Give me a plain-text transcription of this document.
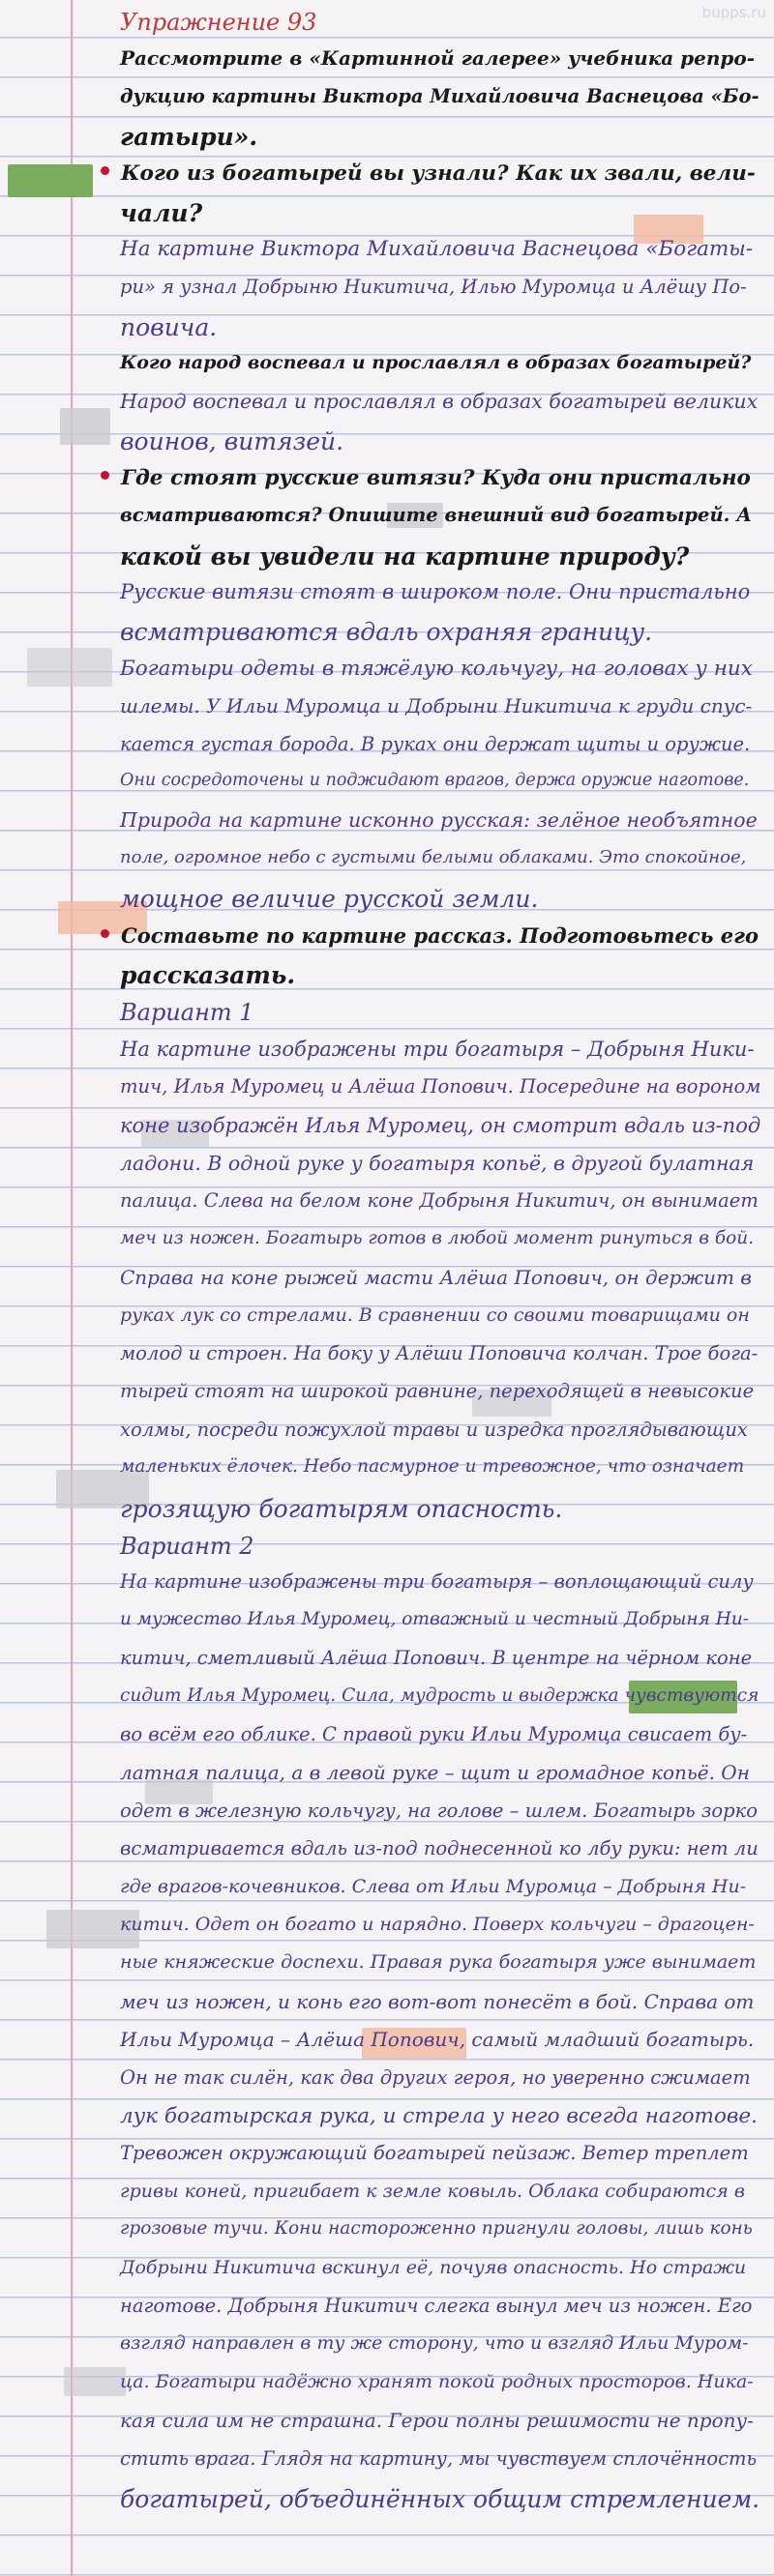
bupps.ru
Упражнение 93
Рассмотрите в «Картинной галерее» учебника репро-
дукцию картины Виктора Михайловича Васнецова «Бо-
гатыри».
Кого из богатырей вы узнали? Как их звали, вели-
чали?
На картине Виктора Михайловича Васнецова «Богаты-
ри» я узнал Добрыню Никитича, Илью Муромца и Алёшу По-
повича.
Кого народ воспевал и прославлял в образах богатырей?
Народ воспевал и прославлял в образах богатырей великих
воинов, витязей.
Где стоят русские витязи? Куда они пристально
всматриваются? Опишите внешний вид богатырей. А
какой вы увидели на картине природу?
Русские витязи стоят в широком поле. Они пристально
всматриваются вдаль охраняя границу.
Богатыри одеты в тяжёлую кольчугу, на головах у них
шлемы. У Ильи Муромца и Добрыни Никитича к груди спус-
кается густая борода. В руках они держат щиты и оружие.
Они сосредоточены и поджидают врагов, держа оружие наготове.
Природа на картине исконно русская: зелёное необъятное
поле, огромное небо с густыми белыми облаками. Это спокойное,
мощное величие русской земли.
Составьте по картине рассказ. Подготовьтесь его
рассказать.
Вариант 1
На картине изображены три богатыря – Добрыня Ники-
тич, Илья Муромец и Алёша Попович. Посередине на вороном
коне изображён Илья Муромец, он смотрит вдаль из-под
ладони. В одной руке у богатыря копьё, в другой булатная
палица. Слева на белом коне Добрыня Никитич, он вынимает
меч из ножен. Богатырь готов в любой момент ринуться в бой.
Справа на коне рыжей масти Алёша Попович, он держит в
руках лук со стрелами. В сравнении со своими товарищами он
молод и строен. На боку у Алёши Поповича колчан. Трое бога-
тырей стоят на широкой равнине, переходящей в невысокие
холмы, посреди пожухлой травы и изредка проглядывающих
маленьких ёлочек. Небо пасмурное и тревожное, что означает
грозящую богатырям опасность.
Вариант 2
На картине изображены три богатыря – воплощающий силу
и мужество Илья Муромец, отважный и честный Добрыня Ни-
китич, сметливый Алёша Попович. В центре на чёрном коне
сидит Илья Муромец. Сила, мудрость и выдержка чувствуются
во всём его облике. С правой руки Ильи Муромца свисает бу-
латная палица, а в левой руке – щит и громадное копьё. Он
одет в железную кольчугу, на голове – шлем. Богатырь зорко
всматривается вдаль из-под поднесенной ко лбу руки: нет ли
где врагов-кочевников. Слева от Ильи Муромца – Добрыня Ни-
китич. Одет он богато и нарядно. Поверх кольчуги – драгоцен-
ные княжеские доспехи. Правая рука богатыря уже вынимает
меч из ножен, и конь его вот-вот понесёт в бой. Справа от
Ильи Муромца – Алёша Попович, самый младший богатырь.
Он не так силён, как два других героя, но уверенно сжимает
лук богатырская рука, и стрела у него всегда наготове.
Тревожен окружающий богатырей пейзаж. Ветер треплет
гривы коней, пригибает к земле ковыль. Облака собираются в
грозовые тучи. Кони настороженно пригнули головы, лишь конь
Добрыни Никитича вскинул её, почуяв опасность. Но стражи
наготове. Добрыня Никитич слегка вынул меч из ножен. Его
взгляд направлен в ту же сторону, что и взгляд Ильи Муром-
ца. Богатыри надёжно хранят покой родных просторов. Ника-
кая сила им не страшна. Герои полны решимости не пропу-
стить врага. Глядя на картину, мы чувствуем сплочённость
богатырей, объединённых общим стремлением.
